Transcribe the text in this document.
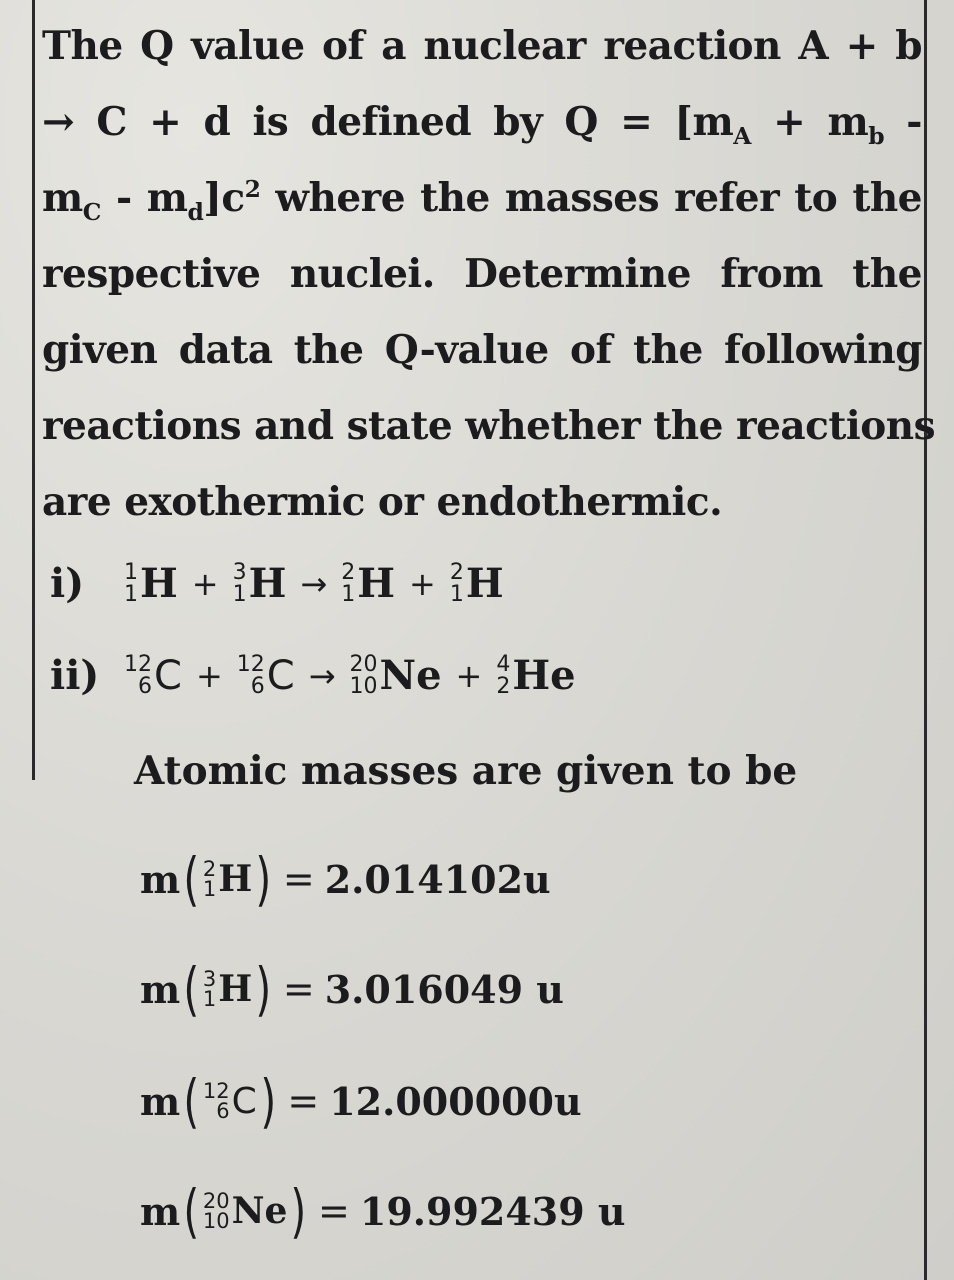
The Q value of a nuclear reaction A + b
→ C + d is defined by $Q = [m_A + m_b$ -
$m_C - m_d]c^2$ where the masses refer to the
respective nuclei. Determine from the
given data the Q-value of the following
reactions and state whether the reactions
are exothermic or endothermic.
i)	1
1 H + 3
1 H → 2
1 H + 2
1 H
ii)	12
6 C + 12
6 C → 20
10 Ne + 4
2 He
Atomic masses are given to be
m ( 2
1 H ) = 2.014102u
m ( 3
1 H ) = 3.016049 u
m ( 12
6 C ) = 12.000000u
m ( 20
10 Ne ) = 19.992439 u
